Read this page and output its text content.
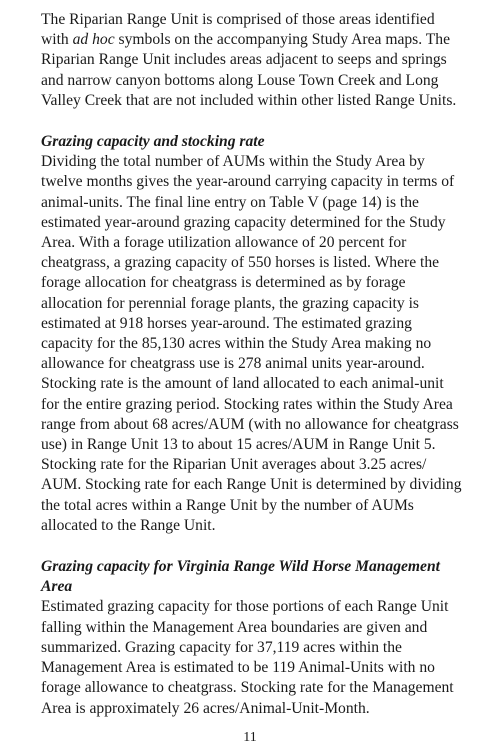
The Riparian Range Unit is comprised of those areas identified with ad hoc symbols on the accompanying Study Area maps. The Riparian Range Unit includes areas adjacent to seeps and springs and narrow canyon bottoms along Louse Town Creek and Long Valley Creek that are not included within other listed Range Units.

Grazing capacity and stocking rate

Dividing the total number of AUMs within the Study Area by twelve months gives the year-around carrying capacity in terms of animal-units. The final line entry on Table V (page 14) is the estimated year-around grazing capacity determined for the Study Area. With a forage utilization allowance of 20 percent for cheatgrass, a grazing capacity of 550 horses is listed. Where the forage allocation for cheatgrass is determined as by forage allocation for perennial forage plants, the grazing capacity is estimated at 918 horses year-around. The estimated grazing capacity for the 85,130 acres within the Study Area making no allowance for cheatgrass use is 278 animal units year-around. Stocking rate is the amount of land allocated to each animal-unit for the entire grazing period. Stocking rates within the Study Area range from about 68 acres/AUM (with no allowance for cheatgrass use) in Range Unit 13 to about 15 acres/AUM in Range Unit 5. Stocking rate for the Riparian Unit averages about 3.25 acres/ AUM. Stocking rate for each Range Unit is determined by dividing the total acres within a Range Unit by the number of AUMs allocated to the Range Unit.

Grazing capacity for Virginia Range Wild Horse Management Area

Estimated grazing capacity for those portions of each Range Unit falling within the Management Area boundaries are given and summarized. Grazing capacity for 37,119 acres within the Management Area is estimated to be 119 Animal-Units with no forage allowance to cheatgrass. Stocking rate for the Management Area is approximately 26 acres/Animal-Unit-Month.

11
